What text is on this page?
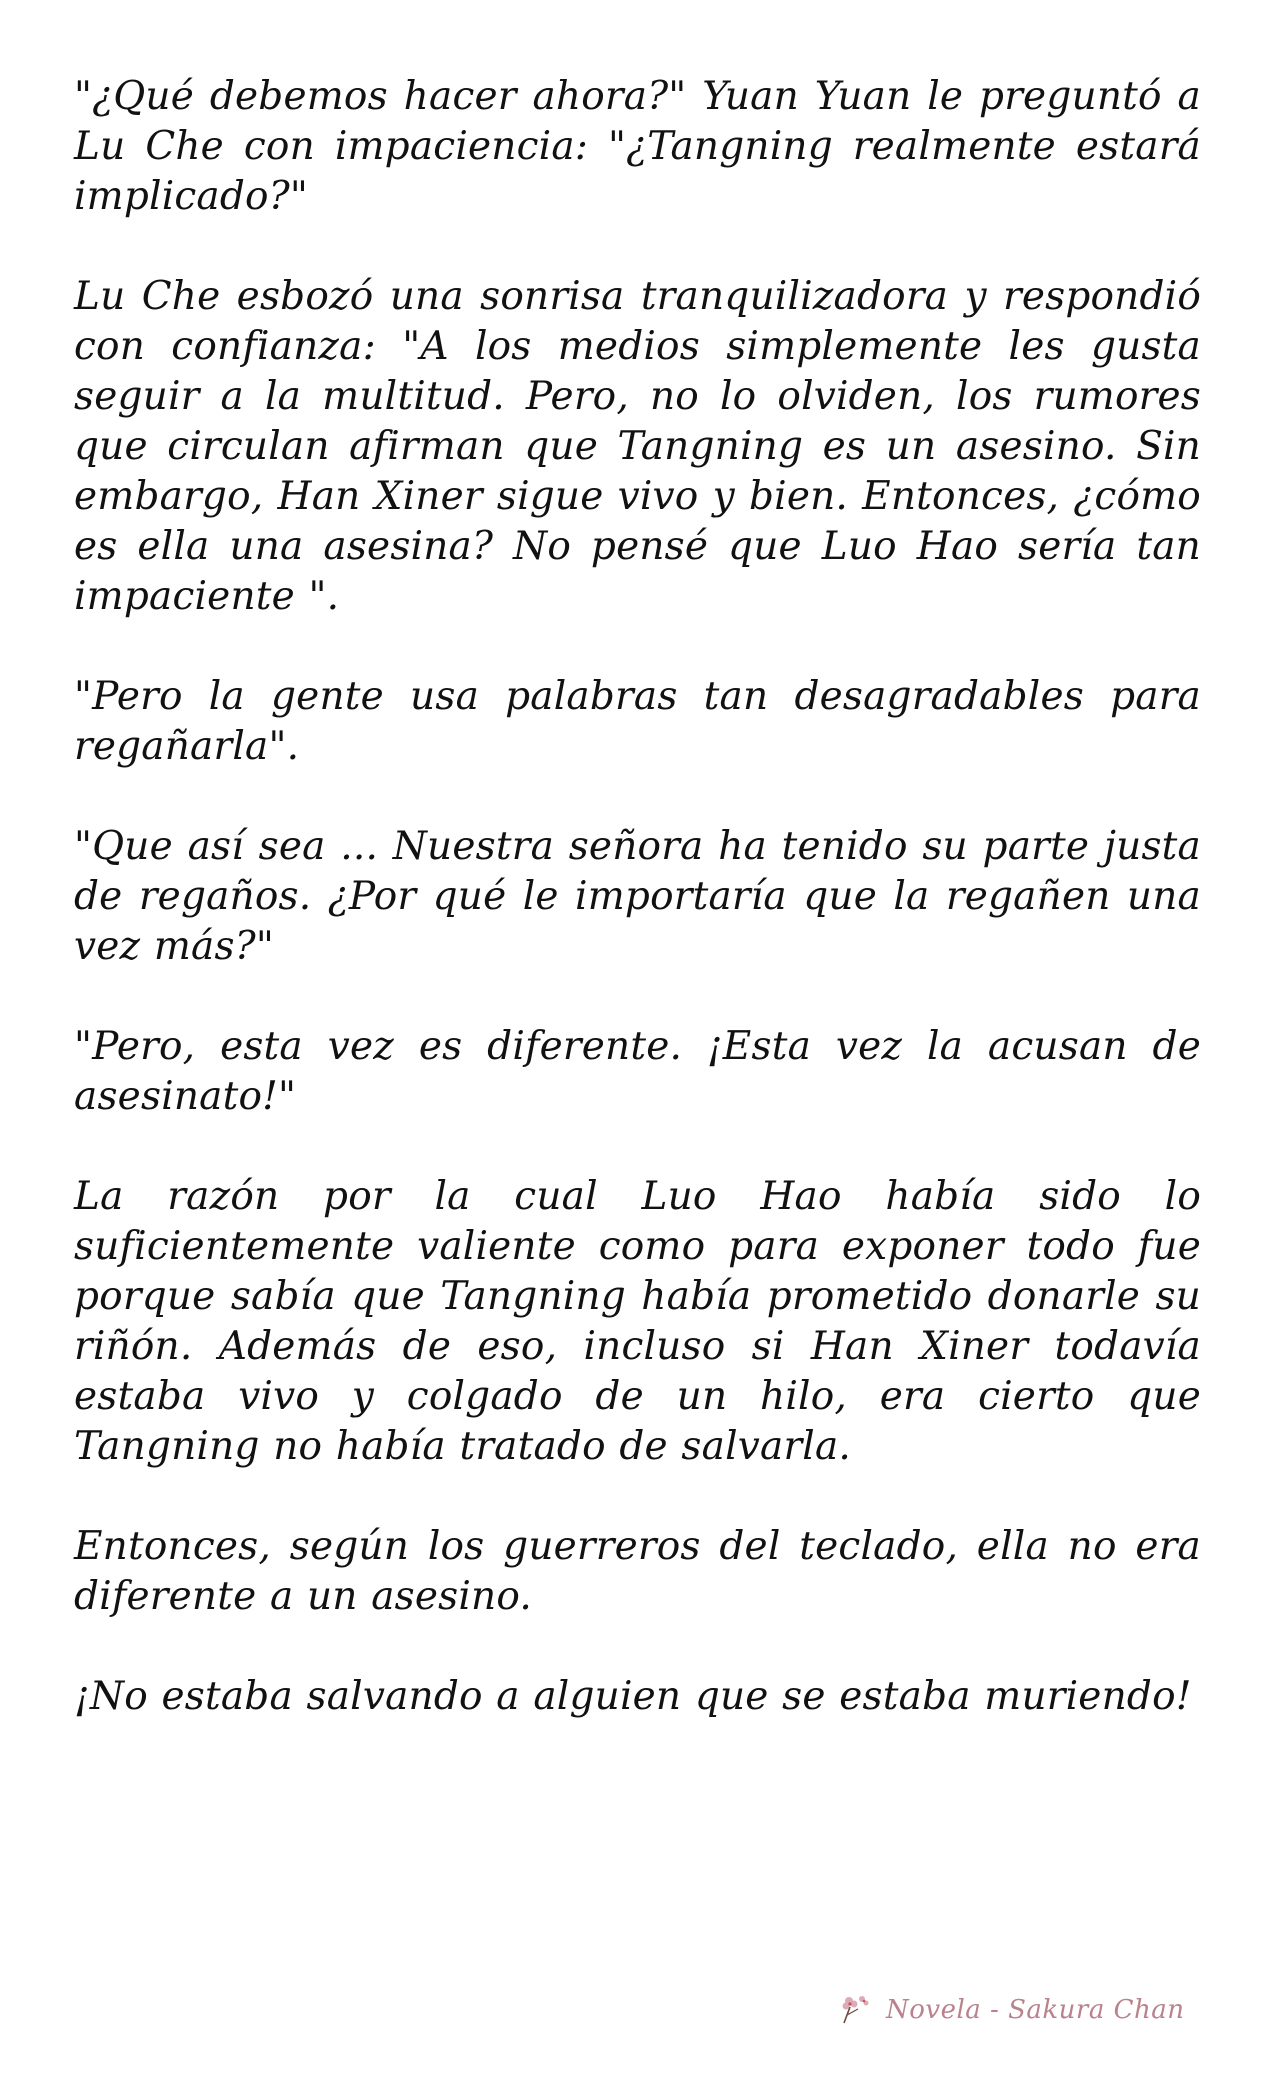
"¿Qué debemos hacer ahora?" Yuan Yuan le preguntó a Lu Che con impaciencia: "¿Tangning realmente estará implicado?"

Lu Che esbozó una sonrisa tranquilizadora y respondió con confianza: "A los medios simplemente les gusta seguir a la multitud. Pero, no lo olviden, los rumores que circulan afirman que Tangning es un asesino. Sin embargo, Han Xiner sigue vivo y bien. Entonces, ¿cómo es ella una asesina? No pensé que Luo Hao sería tan impaciente ".

"Pero la gente usa palabras tan desagradables para regañarla".

"Que así sea ... Nuestra señora ha tenido su parte justa de regaños. ¿Por qué le importaría que la regañen una vez más?"

"Pero, esta vez es diferente. ¡Esta vez la acusan de asesinato!"

La razón por la cual Luo Hao había sido lo suficientemente valiente como para exponer todo fue porque sabía que Tangning había prometido donarle su riñón. Además de eso, incluso si Han Xiner todavía estaba vivo y colgado de un hilo, era cierto que Tangning no había tratado de salvarla.

Entonces, según los guerreros del teclado, ella no era diferente a un asesino.

¡No estaba salvando a alguien que se estaba muriendo!

Novela - Sakura Chan
